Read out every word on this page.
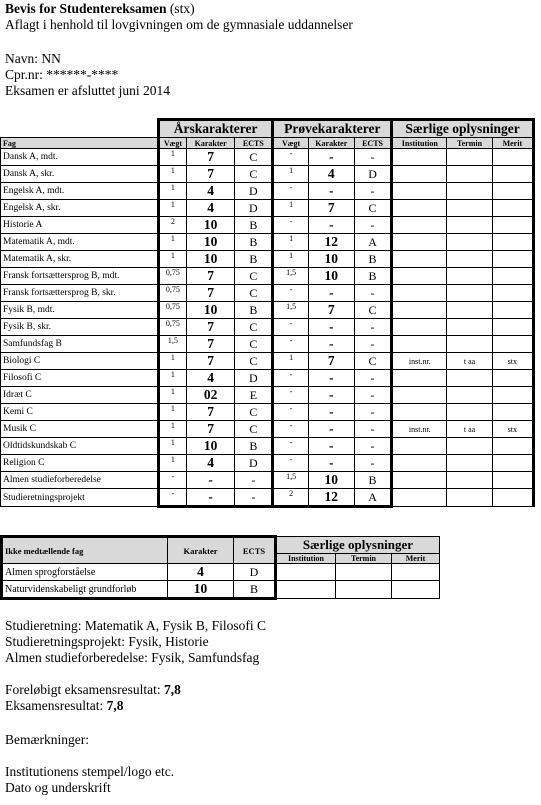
Bevis for Studentereksamen (stx)
Aflagt i henhold til lovgivningen om de gymnasiale uddannelser
Navn: NN
Cpr.nr: ******-****
Eksamen er afsluttet juni 2014
	Årskarakterer			Prøvekarakterer			Særlige oplysninger		
Fag	Vægt	Karakter	ECTS	Vægt	Karakter	ECTS	Institution	Termin	Merit
Dansk A, mdt.	1	7	C	-	-	-			
Dansk A, skr.	1	7	C	1	4	D			
Engelsk A, mdt.	1	4	D	-	-	-			
Engelsk A, skr.	1	4	D	1	7	C			
Historie A	2	10	B	-	-	-			
Matematik A, mdt.	1	10	B	1	12	A			
Matematik A, skr.	1	10	B	1	10	B			
Fransk fortsættersprog B, mdt.	0,75	7	C	1,5	10	B			
Fransk fortsættersprog B, skr.	0,75	7	C	-	-	-			
Fysik B, mdt.	0,75	10	B	1,5	7	C			
Fysik B, skr.	0,75	7	C	-	-	-			
Samfundsfag B	1,5	7	C	-	-	-			
Biologi C	1	7	C	1	7	C	inst.nr.	t aa	stx
Filosofi C	1	4	D	-	-	-			
Idræt C	1	02	E	-	-	-			
Kemi C	1	7	C	-	-	-			
Musik C	1	7	C	-	-	-	inst.nr.	t aa	stx
Oldtidskundskab C	1	10	B	-	-	-			
Religion C	1	4	D	-	-	-			
Almen studieforberedelse	-	-	-	1,5	10	B			
Studieretningsprojekt	-	-	-	2	12	A			
Ikke medtællende fag	Karakter	ECTS	Særlige oplysninger		
			Institution	Termin	Merit
Almen sprogforståelse	4	D			
Naturvidenskabeligt grundforløb	10	B			
Studieretning: Matematik A, Fysik B, Filosofi C
Studieretningsprojekt: Fysik, Historie
Almen studieforberedelse: Fysik, Samfundsfag
Foreløbigt eksamensresultat: 7,8
Eksamensresultat: 7,8
Bemærkninger:
Institutionens stempel/logo etc.
Dato og underskrift
